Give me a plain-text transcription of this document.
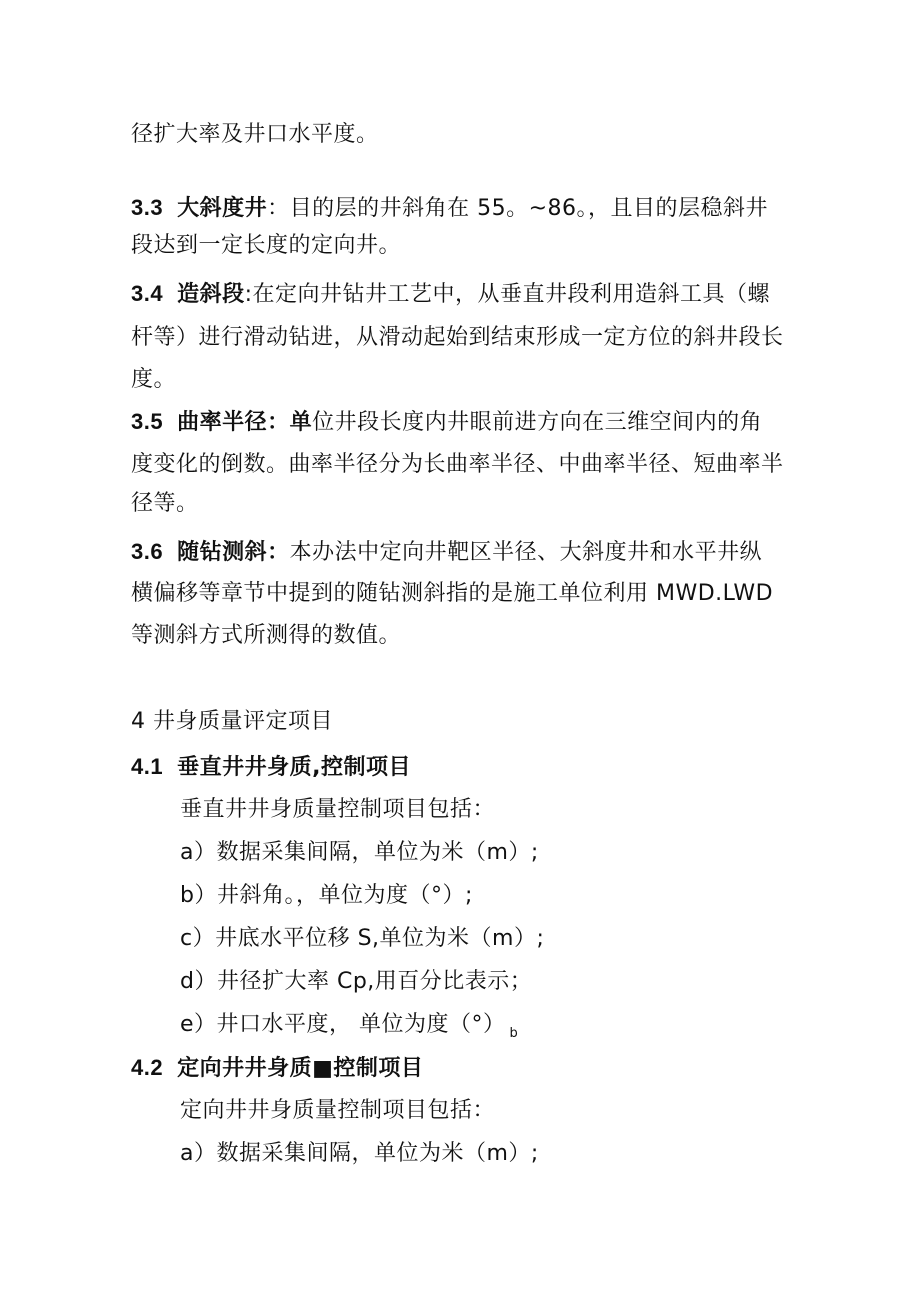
径扩大率及井口水平度。
3.3 大斜度井：目的层的井斜角在 55。~86。，且目的层稳斜井
段达到一定长度的定向井。
3.4 造斜段:在定向井钻井工艺中，从垂直井段利用造斜工具（螺
杆等）进行滑动钻进，从滑动起始到结束形成一定方位的斜井段长
度。
3.5 曲率半径：单位井段长度内井眼前进方向在三维空间内的角
度变化的倒数。曲率半径分为长曲率半径、中曲率半径、短曲率半
径等。
3.6 随钻测斜：本办法中定向井靶区半径、大斜度井和水平井纵
横偏移等章节中提到的随钻测斜指的是施工单位利用 MWD.LWD
等测斜方式所测得的数值。
4 井身质量评定项目
4.1 垂直井井身质,控制项目
垂直井井身质量控制项目包括：
a）数据采集间隔，单位为米（m）;
b）井斜角。，单位为度（°）;
c）井底水平位移 S,单位为米（m）;
d）井径扩大率 Cp,用百分比表示；
e）井口水平度， 单位为度（°） $_b$
4.2 定向井井身质■控制项目
定向井井身质量控制项目包括：
a）数据采集间隔，单位为米（m）;
